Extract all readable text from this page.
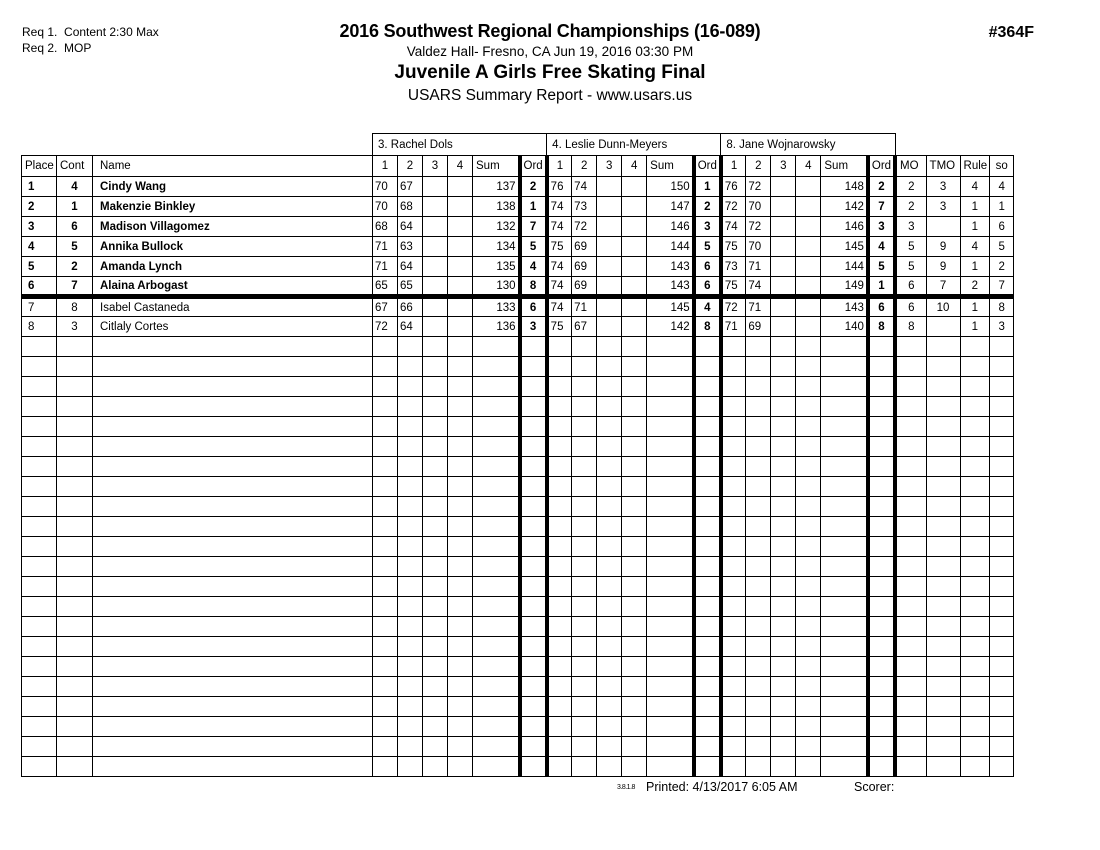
Req 1.  Content 2:30 Max
Req 2.  MOP
2016 Southwest Regional Championships (16-089)
Valdez Hall- Fresno, CA Jun 19, 2016 03:30 PM
Juvenile A Girls Free Skating Final
USARS Summary Report - www.usars.us
#364F
			3. Rachel Dols						4. Leslie Dunn-Meyers						8. Jane Wojnarowsky									
Place	Cont	Name	1	2	3	4	Sum	Ord	1	2	3	4	Sum	Ord	1	2	3	4	Sum	Ord	MO	TMO	Rule	so
1	4	Cindy Wang	70	67			137	2	76	74			150	1	76	72			148	2	2	3	4	4
2	1	Makenzie Binkley	70	68			138	1	74	73			147	2	72	70			142	7	2	3	1	1
3	6	Madison Villagomez	68	64			132	7	74	72			146	3	74	72			146	3	3		1	6
4	5	Annika Bullock	71	63			134	5	75	69			144	5	75	70			145	4	5	9	4	5
5	2	Amanda Lynch	71	64			135	4	74	69			143	6	73	71			144	5	5	9	1	2
6	7	Alaina Arbogast	65	65			130	8	74	69			143	6	75	74			149	1	6	7	2	7
7	8	Isabel Castaneda	67	66			133	6	74	71			145	4	72	71			143	6	6	10	1	8
8	3	Citlaly Cortes	72	64			136	3	75	67			142	8	71	69			140	8	8		1	3

3.8.1.8 Printed: 4/13/2017 6:05 AM	Scorer:
